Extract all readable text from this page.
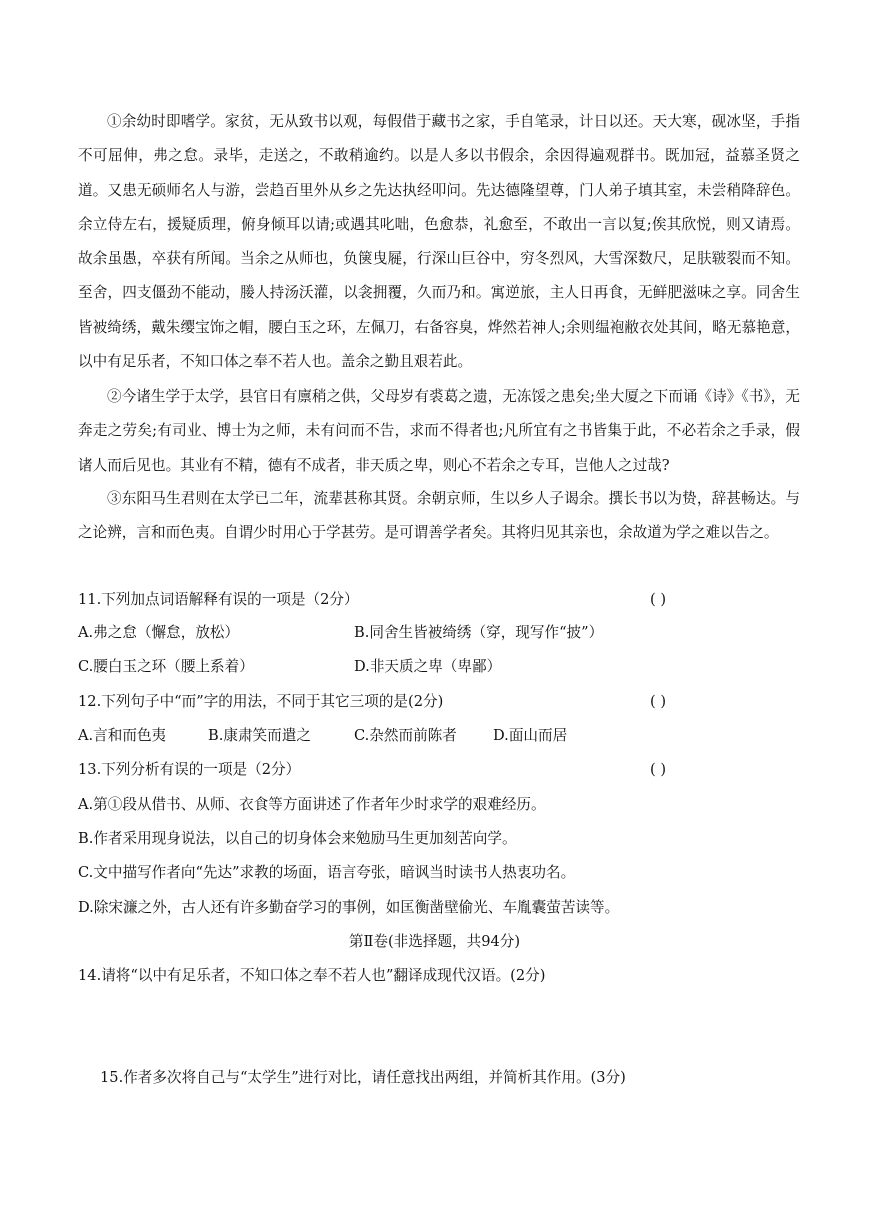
①余幼时即嗜学。家贫，无从致书以观，每假借于藏书之家，手自笔录，计日以还。天大寒，砚冰坚，手指不可屈伸，弗之怠。录毕，走送之，不敢稍逾约。以是人多以书假余，余因得遍观群书。既加冠，益慕圣贤之道。又患无硕师名人与游，尝趋百里外从乡之先达执经叩问。先达德隆望尊，门人弟子填其室，未尝稍降辞色。余立侍左右，援疑质理，俯身倾耳以请;或遇其叱咄，色愈恭，礼愈至，不敢出一言以复;俟其欣悦，则又请焉。故余虽愚，卒获有所闻。当余之从师也，负箧曳屣，行深山巨谷中，穷冬烈风，大雪深数尺，足肤皲裂而不知。至舍，四支僵劲不能动，媵人持汤沃灌，以衾拥覆，久而乃和。寓逆旅，主人日再食，无鲜肥滋味之享。同舍生皆被绮绣，戴朱缨宝饰之帽，腰白玉之环，左佩刀，右备容臭，烨然若神人;余则缊袍敝衣处其间，略无慕艳意，以中有足乐者，不知口体之奉不若人也。盖余之勤且艰若此。

②今诸生学于太学，县官日有廪稍之供，父母岁有裘葛之遗，无冻馁之患矣;坐大厦之下而诵《诗》《书》，无奔走之劳矣;有司业、博士为之师，未有问而不告，求而不得者也;凡所宜有之书皆集于此，不必若余之手录，假诸人而后见也。其业有不精，德有不成者，非天质之卑，则心不若余之专耳，岂他人之过哉?

③东阳马生君则在太学已二年，流辈甚称其贤。余朝京师，生以乡人子谒余。撰长书以为贽，辞甚畅达。与之论辨，言和而色夷。自谓少时用心于学甚劳。是可谓善学者矣。其将归见其亲也，余故道为学之难以告之。

11.下列加点词语解释有误的一项是（2分）	( )
A.弗之怠（懈怠，放松）	B.同舍生皆被绮绣（穿，现写作“披”）
C.腰白玉之环（腰上系着）	D.非天质之卑（卑鄙）
12.下列句子中“而”字的用法，不同于其它三项的是(2分)	( )
A.言和而色夷	B.康肃笑而遣之	C.杂然而前陈者 D.面山而居
13.下列分析有误的一项是（2分）	( )
A.第①段从借书、从师、衣食等方面讲述了作者年少时求学的艰难经历。
B.作者采用现身说法，以自己的切身体会来勉励马生更加刻苦向学。
C.文中描写作者向“先达”求教的场面，语言夸张，暗讽当时读书人热衷功名。
D.除宋濂之外，古人还有许多勤奋学习的事例，如匡衡凿壁偷光、车胤囊萤苦读等。
第Ⅱ卷(非选择题，共94分)
14.请将“以中有足乐者，不知口体之奉不若人也”翻译成现代汉语。(2分)
15.作者多次将自己与“太学生”进行对比，请任意找出两组，并简析其作用。(3分)
